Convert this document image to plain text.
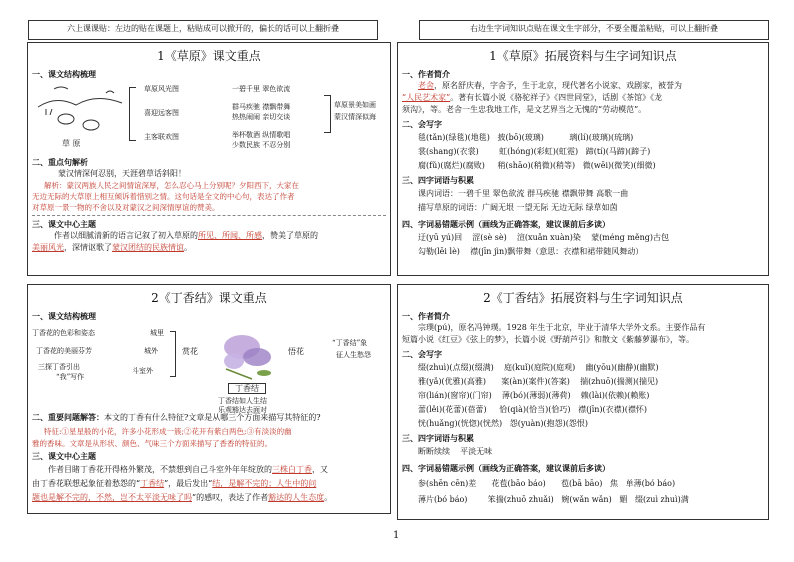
六上课课贴：左边的贴在课题上，粘贴成可以掀开的，偏长的话可以上翻折叠	右边生字词知识点贴在课文生字部分，不要全覆盖粘贴，可以上翻折叠
1《草原》课文重点
一、课文结构梳理
草 原
草原风光图
喜迎远客图
主客联欢图
一碧千里 翠色欲流
群马疾驰 襟飘带舞
热热闹闹 亲切交谈
举杯敬酒 纵情歌唱
少数民族 不忍分别
草原景美如画
蒙汉情深似海
二、重点句解析
蒙汉情深何忍别，天涯碧草话斜阳！
解析：蒙汉两族人民之间情谊深厚，怎么忍心马上分别呢？夕阳西下，大家在
无边无际的大草原上相互倾诉着惜别之情。这句话是全文的中心句，表达了作者
对草原一景一物的不舍以及对蒙汉之间深情厚谊的赞美。
三、课文中心主题
作者以细腻清新的语言记叙了初入草原的所见、所闻、所感，赞美了草原的
美丽风光，深情讴歌了蒙汉团结的民族情谊。
1《草原》拓展资料与生字词知识点
一、作者简介
老舍，原名舒庆春，字舍予，生于北京，现代著名小说家、戏剧家，被誉为
“人民艺术家”。著有长篇小说《骆驼祥子》《四世同堂》，话剧《茶馆》《龙
须沟》，等。老舍一生忠我地工作，是文艺界当之无愧的“劳动模范”。
二、会写字
毯(tǎn)(绿毯)(地毯)   披(bō)(玻璃)          璃(lí)(玻璃)(琉璃)
裳(shang)(衣裳)        虹(hóng)(彩虹)(虹霓)   蹄(tí)(马蹄)(蹄子)
腐(fǔ)(腐烂)(腐败)     稍(shāo)(稍微)(稍等)   微(wēi)(微笑)(细微)
三、四字词语与积累
课内词语：一碧千里 翠色欲流 群马疾驰 襟飘带舞 高歌一曲
描写草原的词语：广阔无垠 一望无际 无边无际 绿草如茵
四、字词易错题示例（画线为正确答案，建议课前后多读）
迂(yū yú)回    涩(sè sè)    渲(xuǎn xuàn)染    蒙(méng měng)古包
勾勒(lēi lè)    襟(jīn jìn)飘带舞（意思：衣襟和裙带随风舞动）
2《丁香结》课文重点
一、课文结构梳理
丁香花的色彩和姿态
丁香花的美丽芬芳
三探丁香引出
“我”写作
城里
城外
斗室外
赏花
丁香结
悟花
“丁香结”象
征人生愁怨
丁香结如人生结
乐观豁达去面对
二、重要问题解答：本文的丁香有什么特征?文章是从哪三个方面来描写其特征的?
特征:①星星般的小花，许多小花形成一簇;②花开有紫白两色;③有淡淡的幽
雅的香味。文章是从形状、颜色、气味三个方面来描写了香香的特征的。
三、课文中心主题
作者目睹丁香花开得格外繁茂，不禁想到自己斗室外年年绽放的三株白丁香，又
由丁香花联想起象征着愁怨的“丁香结”，最后发出“结，是解不完的；人生中的问
题也是解不完的，不然，岂不太平淡无味了吗”的感叹，表达了作者豁达的人生态度。
2《丁香结》拓展资料与生字词知识点
一、作者简介
宗璞(pú)，原名冯钟璞。1928 年生于北京，毕业于清华大学外文系。主要作品有
短篇小说《红豆》《弦上的梦》，长篇小说《野葫芦引》和散文《紫藤萝瀑布》，等。
二、会写字
缀(zhuì)(点缀)(缀满)    庭(kuǐ)(庭院)(庭观)    幽(yōu)(幽静)(幽默)
雅(yǎ)(优雅)(高雅)      案(àn)(案件)(答案)    揣(zhuō)(揣测)(揣见)
帘(lián)(窗帘)(门帘)    薄(bó)(薄弱)(薄荷)    赖(lài)(依赖)(赖账)
蕾(lěi)(花蕾)(蓓蕾)     恰(qià)(恰当)(恰巧)   襟(jīn)(衣襟)(襟怀)
恍(huǎng)(恍惚)(恍然)   怨(yuàn)(抱怨)(怨恨)
三、四字词语与积累
断断续续    平淡无味
四、字词易错题示例（画线为正确答案，建议课前后多读）
参(shēn cēn)差      花苞(bāo báo)      苞(bā bāo)   焦   单薄(bó báo)
薄片(bó báo)        笨揣(zhuō zhuǎi)   婉(wǎn wǎn)   媚   缀(zuì zhuì)满
1
